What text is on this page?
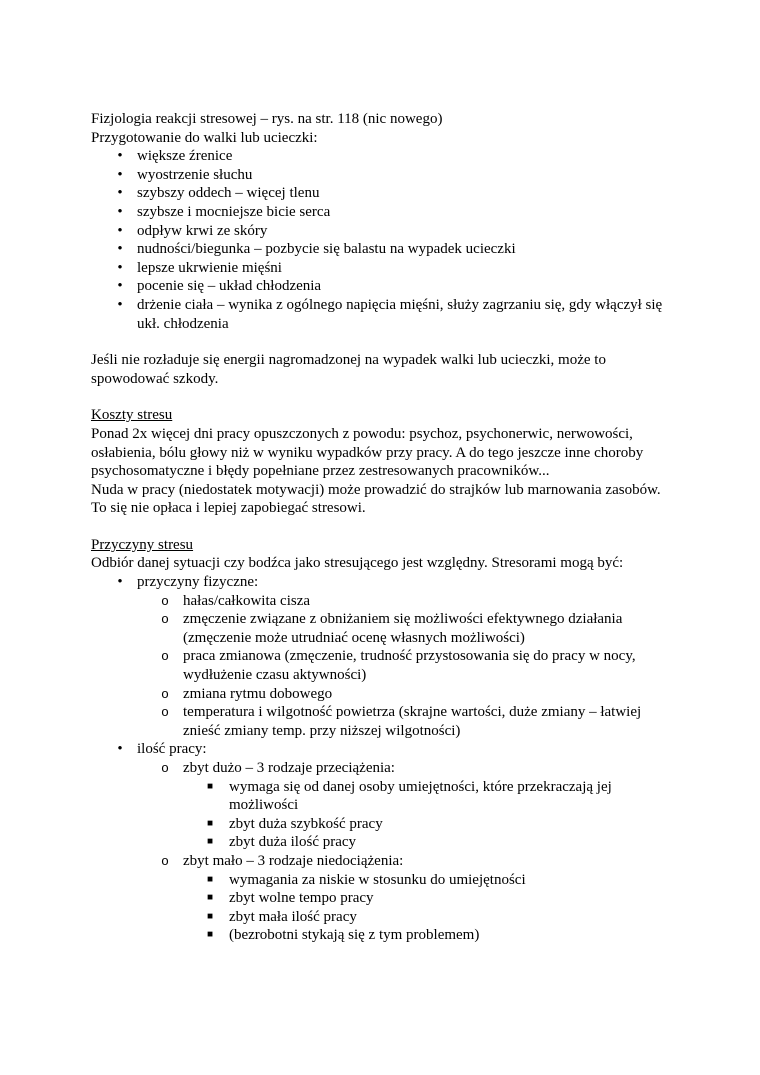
Fizjologia reakcji stresowej – rys. na str. 118 (nic nowego)

Przygotowanie do walki lub ucieczki:

• większe źrenice
• wyostrzenie słuchu
• szybszy oddech – więcej tlenu
• szybsze i mocniejsze bicie serca
• odpływ krwi ze skóry
• nudności/biegunka – pozbycie się balastu na wypadek ucieczki
• lepsze ukrwienie mięśni
• pocenie się – układ chłodzenia
• drżenie ciała – wynika z ogólnego napięcia mięśni, służy zagrzaniu się, gdy włączył się ukł. chłodzenia

Jeśli nie rozładuje się energii nagromadzonej na wypadek walki lub ucieczki, może to spowodować szkody.

Koszty stresu

Ponad 2x więcej dni pracy opuszczonych z powodu: psychoz, psychonerwic, nerwowości, osłabienia, bólu głowy niż w wyniku wypadków przy pracy. A do tego jeszcze inne choroby psychosomatyczne i błędy popełniane przez zestresowanych pracowników...

Nuda w pracy (niedostatek motywacji) może prowadzić do strajków lub marnowania zasobów. To się nie opłaca i lepiej zapobiegać stresowi.

Przyczyny stresu

Odbiór danej sytuacji czy bodźca jako stresującego jest względny. Stresorami mogą być:

• przyczyny fizyczne:
o hałas/całkowita cisza
o zmęczenie związane z obniżaniem się możliwości efektywnego działania (zmęczenie może utrudniać ocenę własnych możliwości)
o praca zmianowa (zmęczenie, trudność przystosowania się do pracy w nocy, wydłużenie czasu aktywności)
o zmiana rytmu dobowego
o temperatura i wilgotność powietrza (skrajne wartości, duże zmiany – łatwiej znieść zmiany temp. przy niższej wilgotności)
• ilość pracy:
o zbyt dużo – 3 rodzaje przeciążenia:
■	wymaga się od danej osoby umiejętności, które przekraczają jej możliwości
■	zbyt duża szybkość pracy
■	zbyt duża ilość pracy
o zbyt mało – 3 rodzaje niedociążenia:
■	wymagania za niskie w stosunku do umiejętności
■	zbyt wolne tempo pracy
■	zbyt mała ilość pracy
■	(bezrobotni stykają się z tym problemem)
